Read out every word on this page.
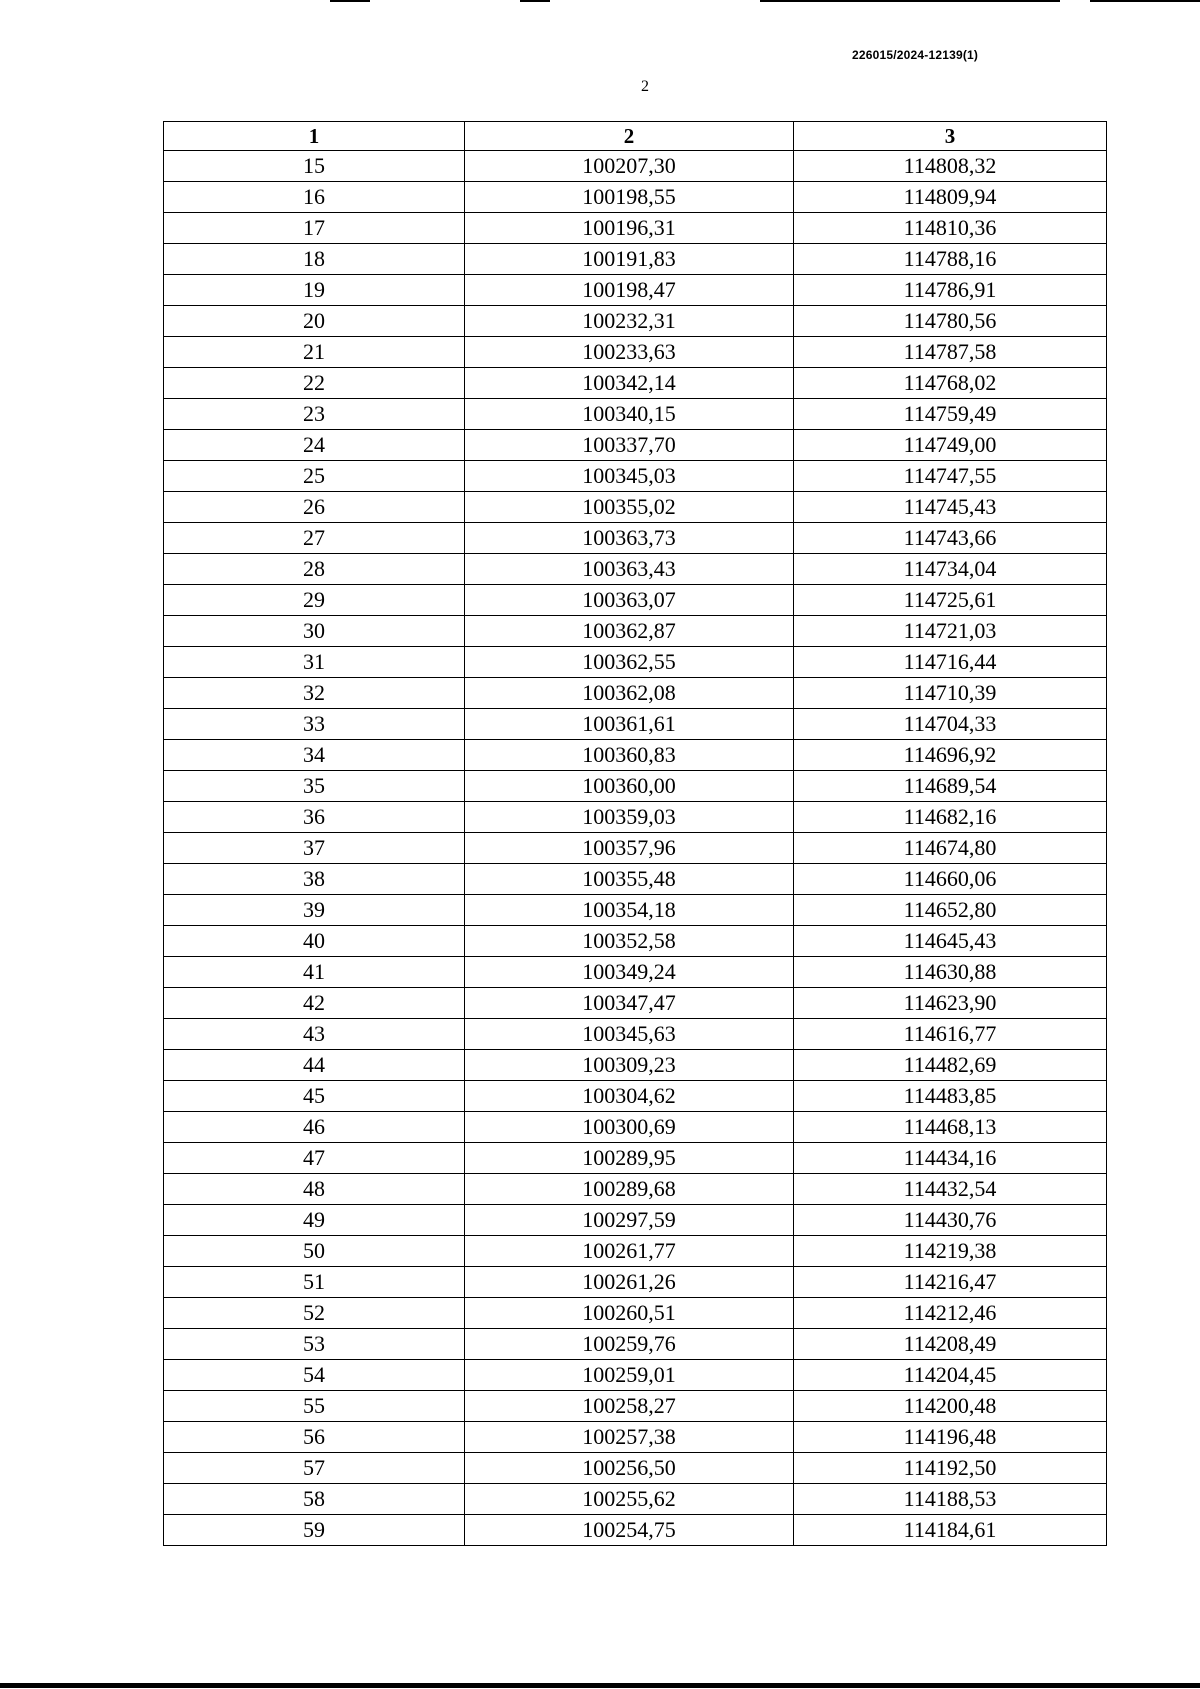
226015/2024-12139(1)
2
1	2	3
15	100207,30	114808,32
16	100198,55	114809,94
17	100196,31	114810,36
18	100191,83	114788,16
19	100198,47	114786,91
20	100232,31	114780,56
21	100233,63	114787,58
22	100342,14	114768,02
23	100340,15	114759,49
24	100337,70	114749,00
25	100345,03	114747,55
26	100355,02	114745,43
27	100363,73	114743,66
28	100363,43	114734,04
29	100363,07	114725,61
30	100362,87	114721,03
31	100362,55	114716,44
32	100362,08	114710,39
33	100361,61	114704,33
34	100360,83	114696,92
35	100360,00	114689,54
36	100359,03	114682,16
37	100357,96	114674,80
38	100355,48	114660,06
39	100354,18	114652,80
40	100352,58	114645,43
41	100349,24	114630,88
42	100347,47	114623,90
43	100345,63	114616,77
44	100309,23	114482,69
45	100304,62	114483,85
46	100300,69	114468,13
47	100289,95	114434,16
48	100289,68	114432,54
49	100297,59	114430,76
50	100261,77	114219,38
51	100261,26	114216,47
52	100260,51	114212,46
53	100259,76	114208,49
54	100259,01	114204,45
55	100258,27	114200,48
56	100257,38	114196,48
57	100256,50	114192,50
58	100255,62	114188,53
59	100254,75	114184,61
